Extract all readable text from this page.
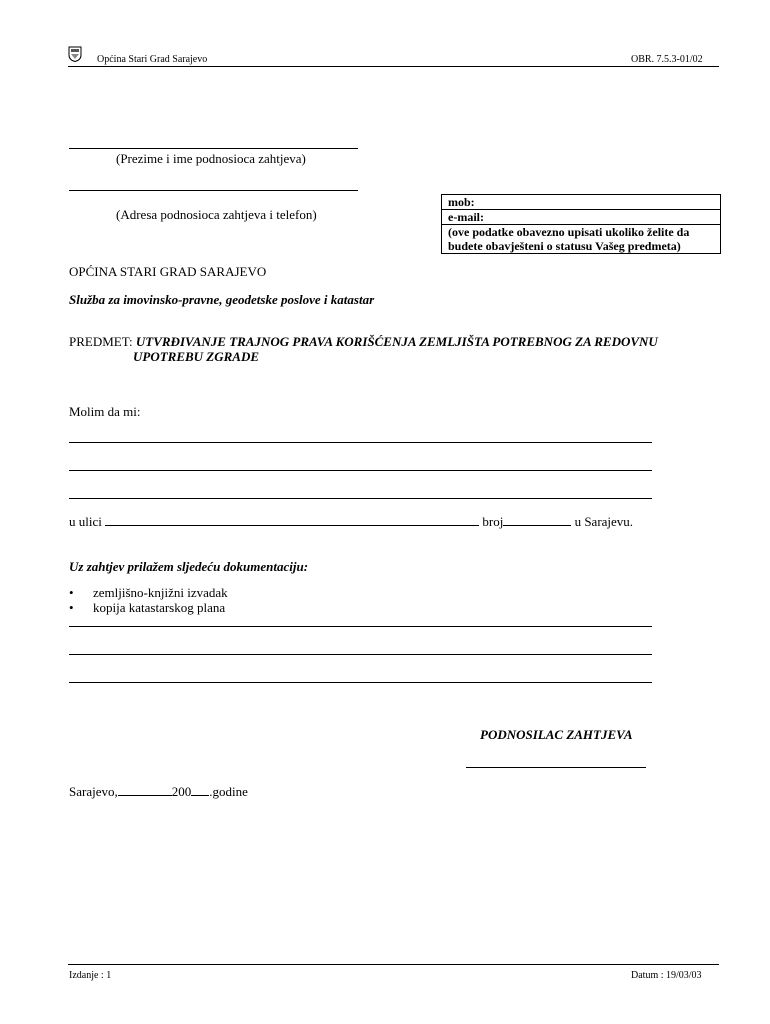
Općina Stari Grad Sarajevo	OBR. 7.5.3-01/02
(Prezime i ime podnosioca zahtjeva)
(Adresa podnosioca zahtjeva i telefon)
mob:
e-mail:
(ove podatke obavezno upisati ukoliko želite da
budete obavješteni o statusu Vašeg predmeta)
OPĆINA STARI GRAD SARAJEVO
Služba za imovinsko-pravne, geodetske poslove i katastar
PREDMET: UTVRĐIVANJE TRAJNOG PRAVA KORIŠĆENJA ZEMLJIŠTA POTREBNOG ZA REDOVNU
UPOTREBU ZGRADE
Molim da mi:
u ulici	broj	u Sarajevu.
Uz zahtjev prilažem sljedeću dokumentaciju:
• zemljišno-knjižni izvadak
• kopija katastarskog plana
PODNOSILAC ZAHTJEVA
Sarajevo,	200 .godine
Izdanje : 1	Datum : 19/03/03
